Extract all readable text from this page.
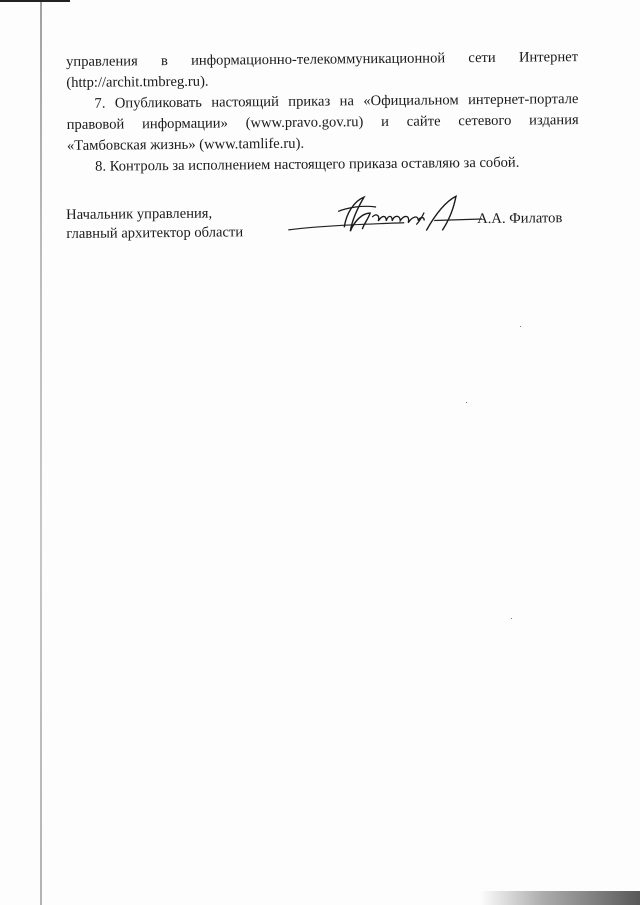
управления в информационно-телекоммуникационной сети Интернет

(http://archit.tmbreg.ru).

7. Опубликовать настоящий приказ на «Официальном интернет-портале

правовой информации» (www.pravo.gov.ru) и сайте сетевого издания

«Тамбовская жизнь» (www.tamlife.ru).

8. Контроль за исполнением настоящего приказа оставляю за собой.

Начальник управления,
главный архитектор области
А.А. Филатов
